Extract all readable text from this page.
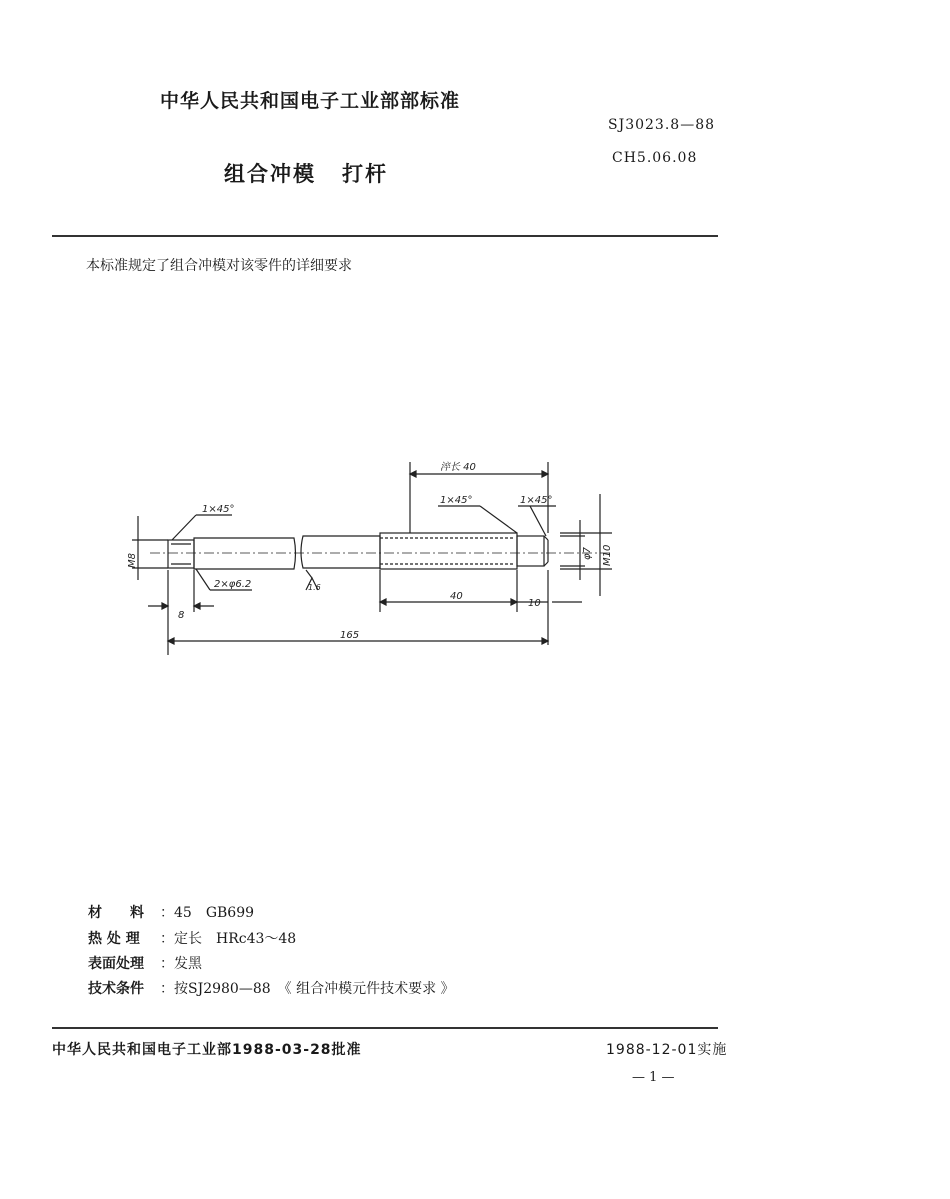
中华人民共和国电子工业部部标准
SJ3023.8—88
CH5.06.08
组合冲模 打杆
本标准规定了组合冲模对该零件的详细要求
淬长 40
1×45°
1×45°	1×45°
2×φ6.2	1.6
8
40
10
165
M8	φ7 M10
材　　料 ：45　GB699
热 处 理 ：定长　HRc43～48
表面处理 ：发黑
技术条件 ：按SJ2980—88　《 组合冲模元件技术要求 》
中华人民共和国电子工业部1988-03-28批准	1988-12-01实施
— 1 —
